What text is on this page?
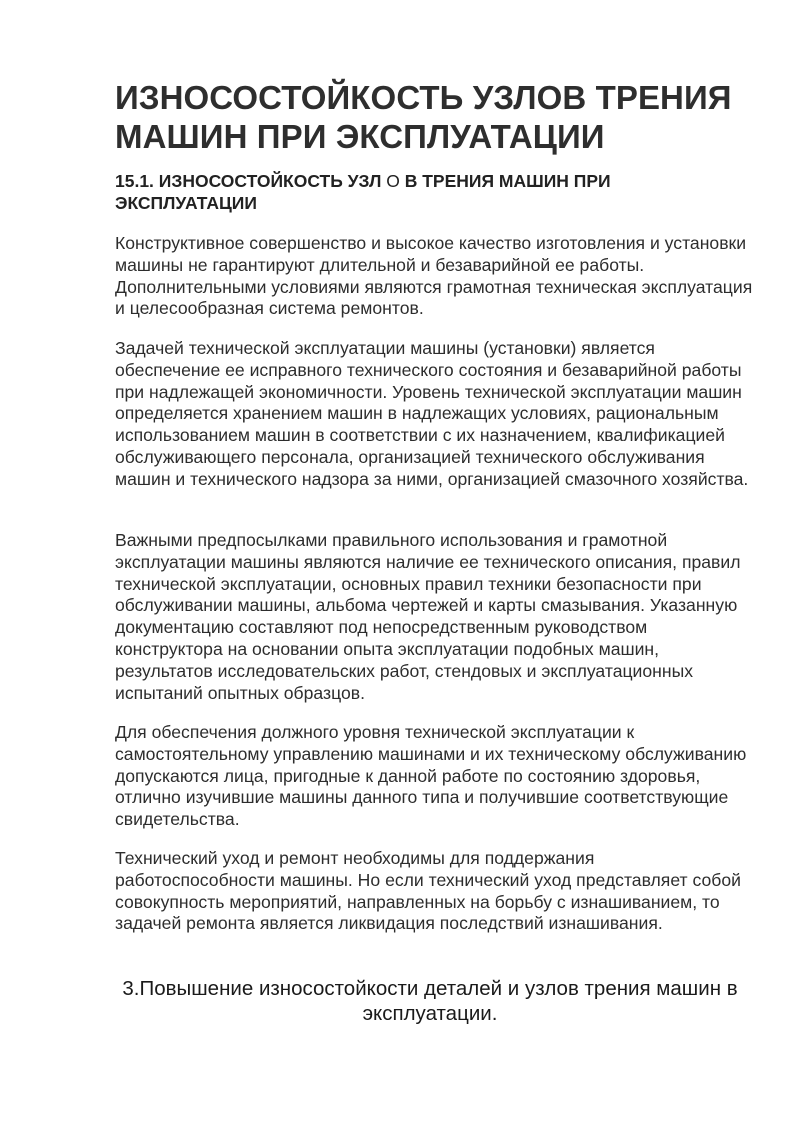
ИЗНОСОСТОЙКОСТЬ УЗЛОВ ТРЕНИЯ МАШИН ПРИ ЭКСПЛУАТАЦИИ
15.1. ИЗНОСОСТОЙКОСТЬ УЗЛ О В ТРЕНИЯ МАШИН ПРИ ЭКСПЛУАТАЦИИ

Конструктивное совершенство и высокое качество изготовления и установки машины не гарантируют длительной и безаварийной ее работы. Дополнительными условиями являются грамотная техническая эксплуатация и целесообразная система ремонтов.

Задачей технической эксплуатации машины (установки) является обеспечение ее исправного технического состояния и безаварийной работы при надлежащей экономичности. Уровень технической эксплуатации машин определяется хранением машин в надлежащих условиях, рациональным использованием машин в соответствии с их назначением, квалификацией обслуживающего персонала, организацией технического обслуживания машин и технического надзора за ними, организацией смазочного хозяйства.

Важными предпосылками правильного использования и грамотной эксплуатации машины являются наличие ее технического описания, правил технической эксплуатации, основных правил техники безопасности при обслуживании машины, альбома чертежей и карты смазывания. Указанную документацию составляют под непосредственным руководством конструктора на основании опыта эксплуатации подобных машин, результатов исследовательских работ, стендовых и эксплуатационных испытаний опытных образцов.

Для обеспечения должного уровня технической эксплуатации к самостоятельному управлению машинами и их техническому обслуживанию допускаются лица, пригодные к данной работе по состоянию здоровья, отлично изучившие машины данного типа и получившие соответствующие свидетельства.

Технический уход и ремонт необходимы для поддержания работоспособности машины. Но если технический уход представляет собой совокупность мероприятий, направленных на борьбу с изнашиванием, то задачей ремонта является ликвидация последствий изнашивания.

3.Повышение износостойкости деталей и узлов трения машин в эксплуатации.
